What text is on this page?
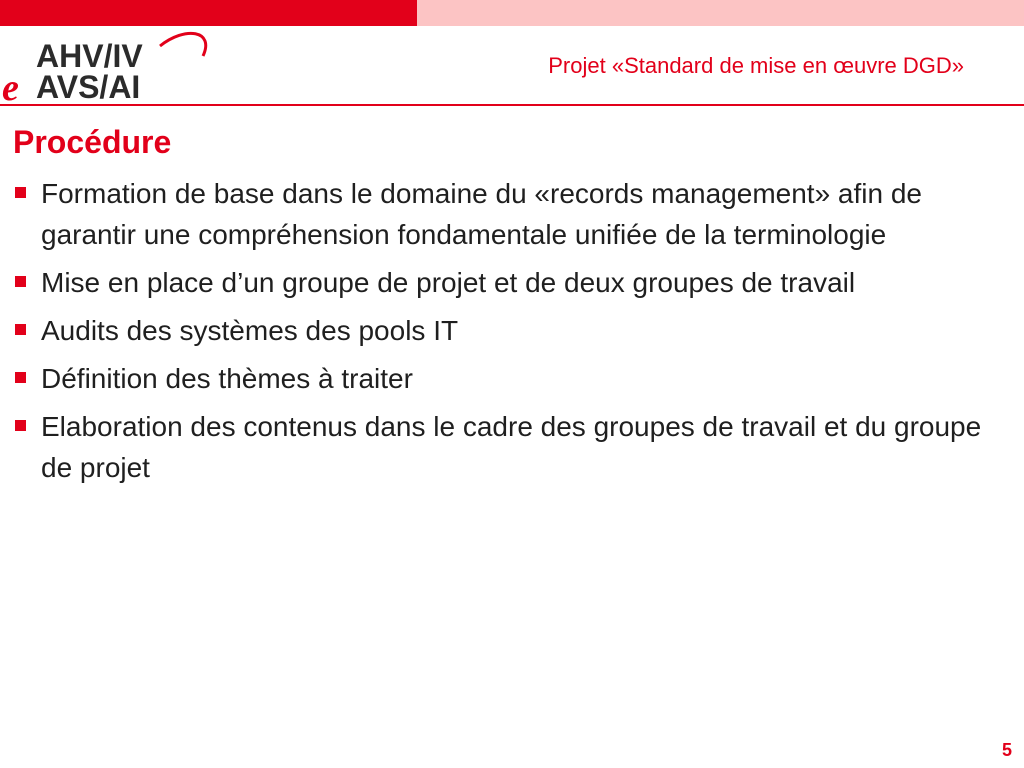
AHV/IV
AVS/AI
e
Projet «Standard de mise en œuvre DGD»
Procédure
Formation de base dans le domaine du «records management» afin de garantir une compréhension fondamentale unifiée de la terminologie
Mise en place d’un groupe de projet et de deux groupes de travail
Audits des systèmes des pools IT
Définition des thèmes à traiter
Elaboration des contenus dans le cadre des groupes de travail et du groupe de projet
5
